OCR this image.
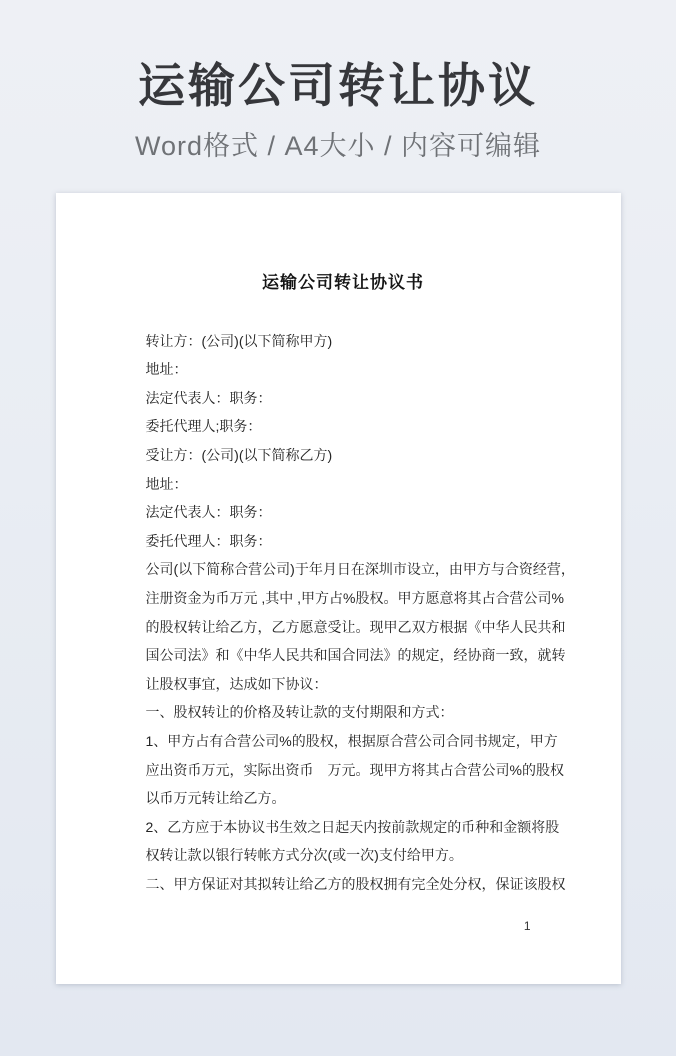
运输公司转让协议

Word格式 / A4大小 / 内容可编辑

运输公司转让协议书
转让方：(公司)(以下简称甲方)
地址：
法定代表人：职务：
委托代理人;职务：
受让方：(公司)(以下简称乙方)
地址：
法定代表人：职务：
委托代理人：职务：
公司(以下简称合营公司)于年月日在深圳市设立，由甲方与合资经营，
注册资金为币万元 ,其中 ,甲方占%股权。甲方愿意将其占合营公司%
的股权转让给乙方，乙方愿意受让。现甲乙双方根据《中华人民共和
国公司法》和《中华人民共和国合同法》的规定，经协商一致，就转
让股权事宜，达成如下协议：
一、股权转让的价格及转让款的支付期限和方式：
1、甲方占有合营公司%的股权，根据原合营公司合同书规定，甲方
应出资币万元，实际出资币　万元。现甲方将其占合营公司%的股权
以币万元转让给乙方。
2、乙方应于本协议书生效之日起天内按前款规定的币种和金额将股
权转让款以银行转帐方式分次(或一次)支付给甲方。
二、甲方保证对其拟转让给乙方的股权拥有完全处分权，保证该股权
1
